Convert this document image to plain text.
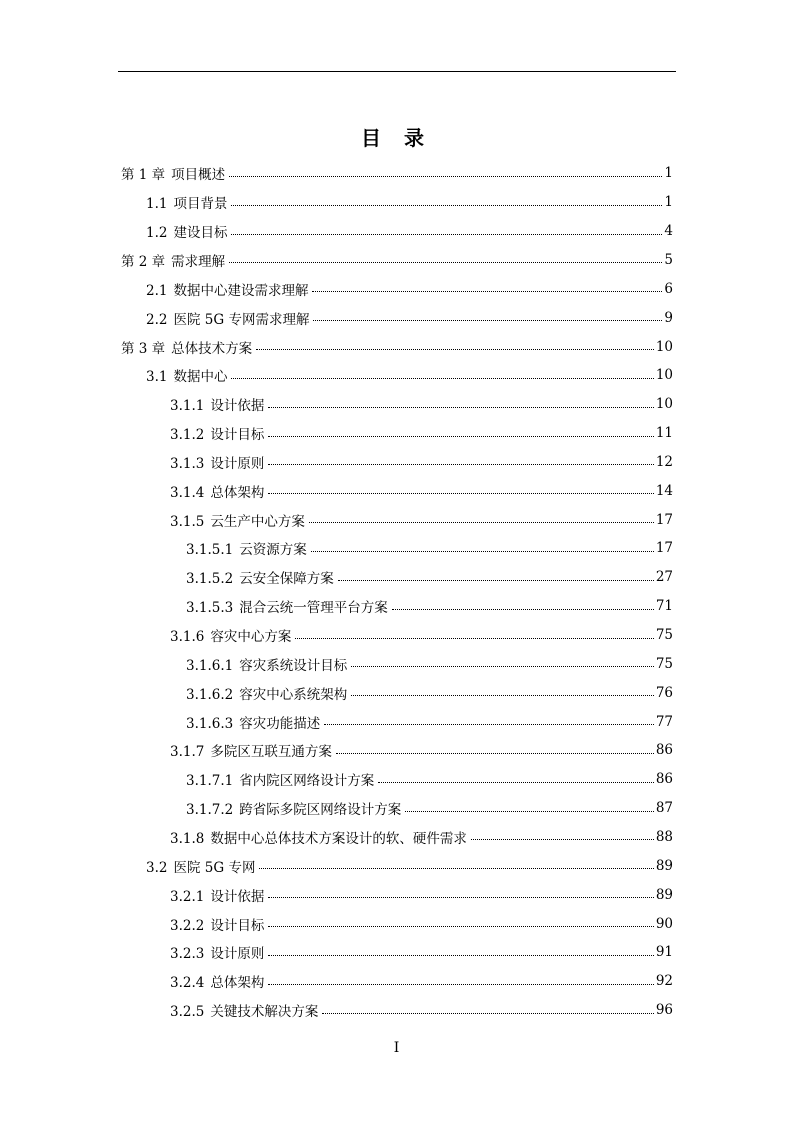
目 录
第 1 章 项目概述	1
1.1 项目背景	1
1.2 建设目标	4
第 2 章 需求理解	5
2.1 数据中心建设需求理解	6
2.2 医院 5G 专网需求理解	9
第 3 章 总体技术方案	10
3.1 数据中心	10
3.1.1 设计依据	10
3.1.2 设计目标	11
3.1.3 设计原则	12
3.1.4 总体架构	14
3.1.5 云生产中心方案	17
3.1.5.1 云资源方案	17
3.1.5.2 云安全保障方案	27
3.1.5.3 混合云统一管理平台方案	71
3.1.6 容灾中心方案	75
3.1.6.1 容灾系统设计目标	75
3.1.6.2 容灾中心系统架构	76
3.1.6.3 容灾功能描述	77
3.1.7 多院区互联互通方案	86
3.1.7.1 省内院区网络设计方案	86
3.1.7.2 跨省际多院区网络设计方案	87
3.1.8 数据中心总体技术方案设计的软、硬件需求	88
3.2 医院 5G 专网	89
3.2.1 设计依据	89
3.2.2 设计目标	90
3.2.3 设计原则	91
3.2.4 总体架构	92
3.2.5 关键技术解决方案	96
I
